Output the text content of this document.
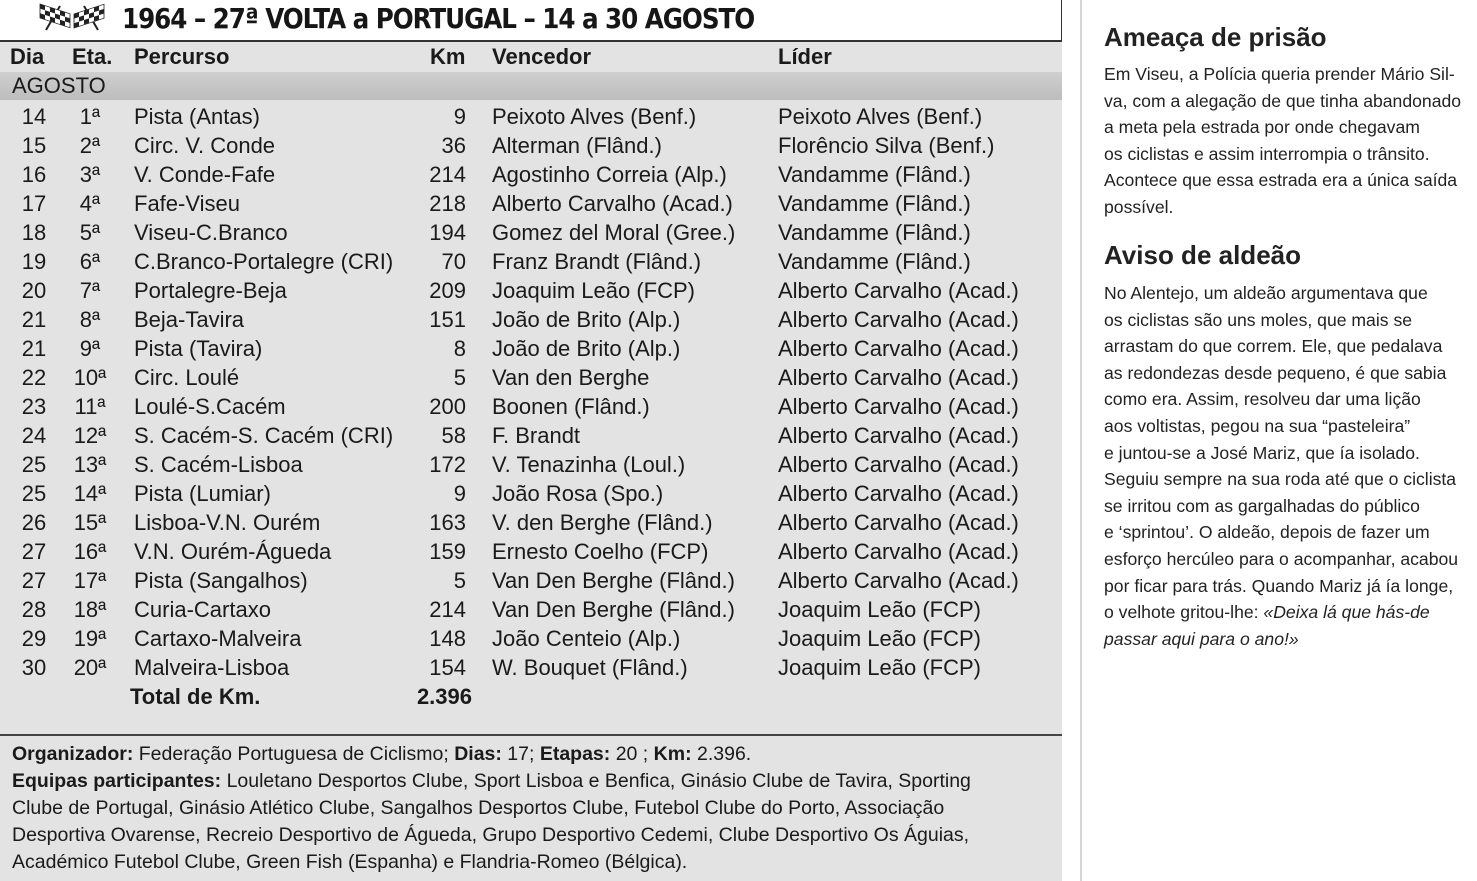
1964 – 27ª VOLTA a PORTUGAL – 14 a 30 AGOSTO
Dia Eta. Percurso	Km Vencedor	Líder
AGOSTO
14	1ª	Pista (Antas)	9 Peixoto Alves (Benf.)	Peixoto Alves (Benf.)
15	2ª	Circ. V. Conde	36 Alterman (Flând.)	Florêncio Silva (Benf.)
16	3ª	V. Conde-Fafe	214 Agostinho Correia (Alp.) Vandamme (Flând.)
17	4ª	Fafe-Viseu	218 Alberto Carvalho (Acad.) Vandamme (Flând.)
18	5ª	Viseu-C.Branco	194 Gomez del Moral (Gree.) Vandamme (Flând.)
19	6ª	C.Branco-Portalegre (CRI)	70 Franz Brandt (Flând.)	Vandamme (Flând.)
20	7ª	Portalegre-Beja	209 Joaquim Leão (FCP)	Alberto Carvalho (Acad.)
21	8ª	Beja-Tavira	151 João de Brito (Alp.)	Alberto Carvalho (Acad.)
21	9ª	Pista (Tavira)	8 João de Brito (Alp.)	Alberto Carvalho (Acad.)
22	10ª	Circ. Loulé	5 Van den Berghe	Alberto Carvalho (Acad.)
23	11ª	Loulé-S.Cacém	200 Boonen (Flând.)	Alberto Carvalho (Acad.)
24	12ª	S. Cacém-S. Cacém (CRI)	58 F. Brandt	Alberto Carvalho (Acad.)
25	13ª	S. Cacém-Lisboa	172 V. Tenazinha (Loul.)	Alberto Carvalho (Acad.)
25	14ª	Pista (Lumiar)	9 João Rosa (Spo.)	Alberto Carvalho (Acad.)
26	15ª	Lisboa-V.N. Ourém	163 V. den Berghe (Flând.)	Alberto Carvalho (Acad.)
27	16ª	V.N. Ourém-Águeda	159 Ernesto Coelho (FCP)	Alberto Carvalho (Acad.)
27	17ª	Pista (Sangalhos)	5 Van Den Berghe (Flând.) Alberto Carvalho (Acad.)
28	18ª	Curia-Cartaxo	214 Van Den Berghe (Flând.) Joaquim Leão (FCP)
29	19ª	Cartaxo-Malveira	148 João Centeio (Alp.)	Joaquim Leão (FCP)
30	20ª	Malveira-Lisboa	154 W. Bouquet (Flând.)	Joaquim Leão (FCP)
Total de Km.	2.396

Organizador: Federação Portuguesa de Ciclismo; Dias: 17; Etapas: 20 ; Km: 2.396.

Equipas participantes: Louletano Desportos Clube, Sport Lisboa e Benfica, Ginásio Clube de Tavira, Sporting

Clube de Portugal, Ginásio Atlético Clube, Sangalhos Desportos Clube, Futebol Clube do Porto, Associação

Desportiva Ovarense, Recreio Desportivo de Águeda, Grupo Desportivo Cedemi, Clube Desportivo Os Águias,

Académico Futebol Clube, Green Fish (Espanha) e Flandria-Romeo (Bélgica).

Ameaça de prisão
Em Viseu, a Polícia queria prender Mário Sil-
va, com a alegação de que tinha abandonado
a meta pela estrada por onde chegavam
os ciclistas e assim interrompia o trânsito.
Acontece que essa estrada era a única saída
possível.
Aviso de aldeão
No Alentejo, um aldeão argumentava que
os ciclistas são uns moles, que mais se
arrastam do que correm. Ele, que pedalava
as redondezas desde pequeno, é que sabia
como era. Assim, resolveu dar uma lição
aos voltistas, pegou na sua “pasteleira”
e juntou-se a José Mariz, que ía isolado.
Seguiu sempre na sua roda até que o ciclista
se irritou com as gargalhadas do público
e ‘sprintou’. O aldeão, depois de fazer um
esforço hercúleo para o acompanhar, acabou
por ficar para trás. Quando Mariz já ía longe,
o velhote gritou-lhe: «Deixa lá que hás-de
passar aqui para o ano!»
